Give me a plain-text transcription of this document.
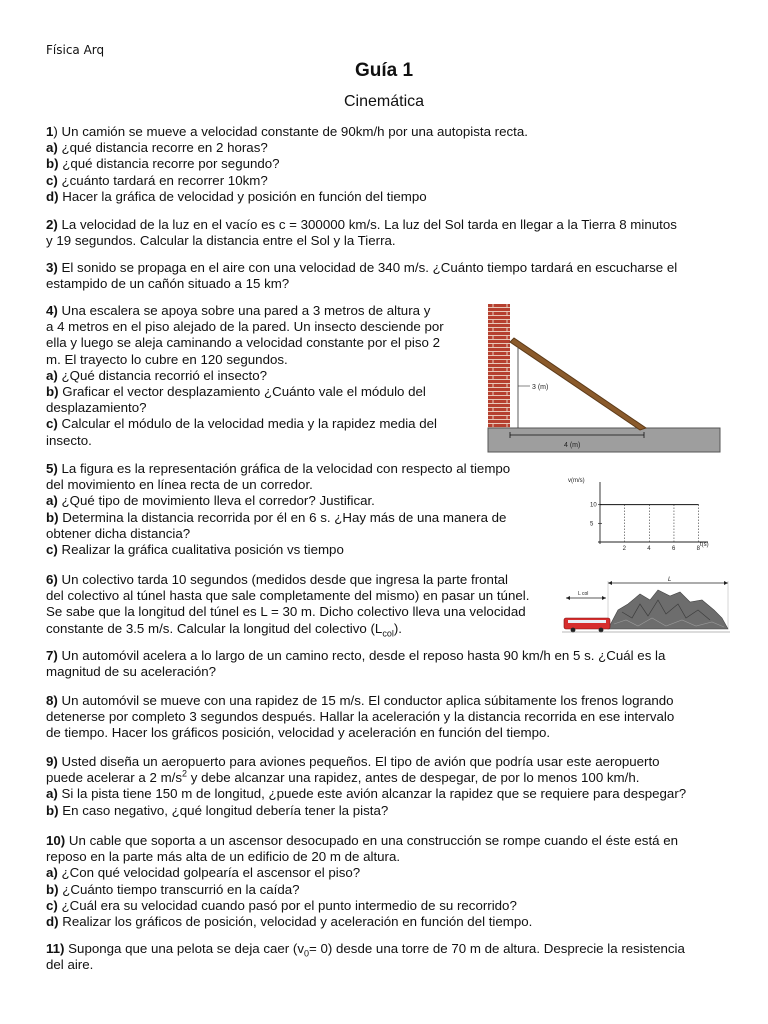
Física Arq
Guía 1
Cinemática
1) Un camión se mueve a velocidad constante de 90km/h por una autopista recta.
a) ¿qué distancia recorre en 2 horas?
b) ¿qué distancia recorre por segundo?
c) ¿cuánto tardará en recorrer 10km?
d) Hacer la gráfica de velocidad y posición en función del tiempo
2) La velocidad de la luz en el vacío es c = 300000 km/s. La luz del Sol tarda en llegar a la Tierra 8 minutos
y 19 segundos. Calcular la distancia entre el Sol y la Tierra.
3) El sonido se propaga en el aire con una velocidad de 340 m/s. ¿Cuánto tiempo tardará en escucharse el
estampido de un cañón situado a 15 km?
4) Una escalera se apoya sobre una pared a 3 metros de altura y
a 4 metros en el piso alejado de la pared. Un insecto desciende por
ella y luego se aleja caminando a velocidad constante por el piso 2
m. El trayecto lo cubre en 120 segundos.
a) ¿Qué distancia recorrió el insecto?
b) Graficar el vector desplazamiento ¿Cuánto vale el módulo del
desplazamiento?
c) Calcular el módulo de la velocidad media y la rapidez media del
insecto.
3 (m)
4 (m)
5) La figura es la representación gráfica de la velocidad con respecto al tiempo
del movimiento en línea recta de un corredor.
a) ¿Qué tipo de movimiento lleva el corredor? Justificar.
b) Determina la distancia recorrida por él en 6 s. ¿Hay más de una manera de
obtener dicha distancia?
c) Realizar la gráfica cualitativa posición vs tiempo
v(m/s)
t(s)
5
10
2	4	6	8
6) Un colectivo tarda 10 segundos (medidos desde que ingresa la parte frontal
del colectivo al túnel hasta que sale completamente del mismo) en pasar un túnel.
Se sabe que la longitud del túnel es L = 30 m. Dicho colectivo lleva una velocidad
constante de 3.5 m/s. Calcular la longitud del colectivo $(L_{col})$.
L
L col
7) Un automóvil acelera a lo largo de un camino recto, desde el reposo hasta 90 km/h en 5 s. ¿Cuál es la
magnitud de su aceleración?
8) Un automóvil se mueve con una rapidez de 15 m/s. El conductor aplica súbitamente los frenos logrando
detenerse por completo 3 segundos después. Hallar la aceleración y la distancia recorrida en ese intervalo
de tiempo. Hacer los gráficos posición, velocidad y aceleración en función del tiempo.
9) Usted diseña un aeropuerto para aviones pequeños. El tipo de avión que podría usar este aeropuerto
puede acelerar a 2 $m/s^2$ y debe alcanzar una rapidez, antes de despegar, de por lo menos 100 km/h.
a) Si la pista tiene 150 m de longitud, ¿puede este avión alcanzar la rapidez que se requiere para despegar?
b) En caso negativo, ¿qué longitud debería tener la pista?
10) Un cable que soporta a un ascensor desocupado en una construcción se rompe cuando el éste está en
reposo en la parte más alta de un edificio de 20 m de altura.
a) ¿Con qué velocidad golpearía el ascensor el piso?
b) ¿Cuánto tiempo transcurrió en la caída?
c) ¿Cuál era su velocidad cuando pasó por el punto intermedio de su recorrido?
d) Realizar los gráficos de posición, velocidad y aceleración en función del tiempo.
11) Suponga que una pelota se deja caer $(v_0= 0)$ desde una torre de 70 m de altura. Desprecie la resistencia
del aire.
